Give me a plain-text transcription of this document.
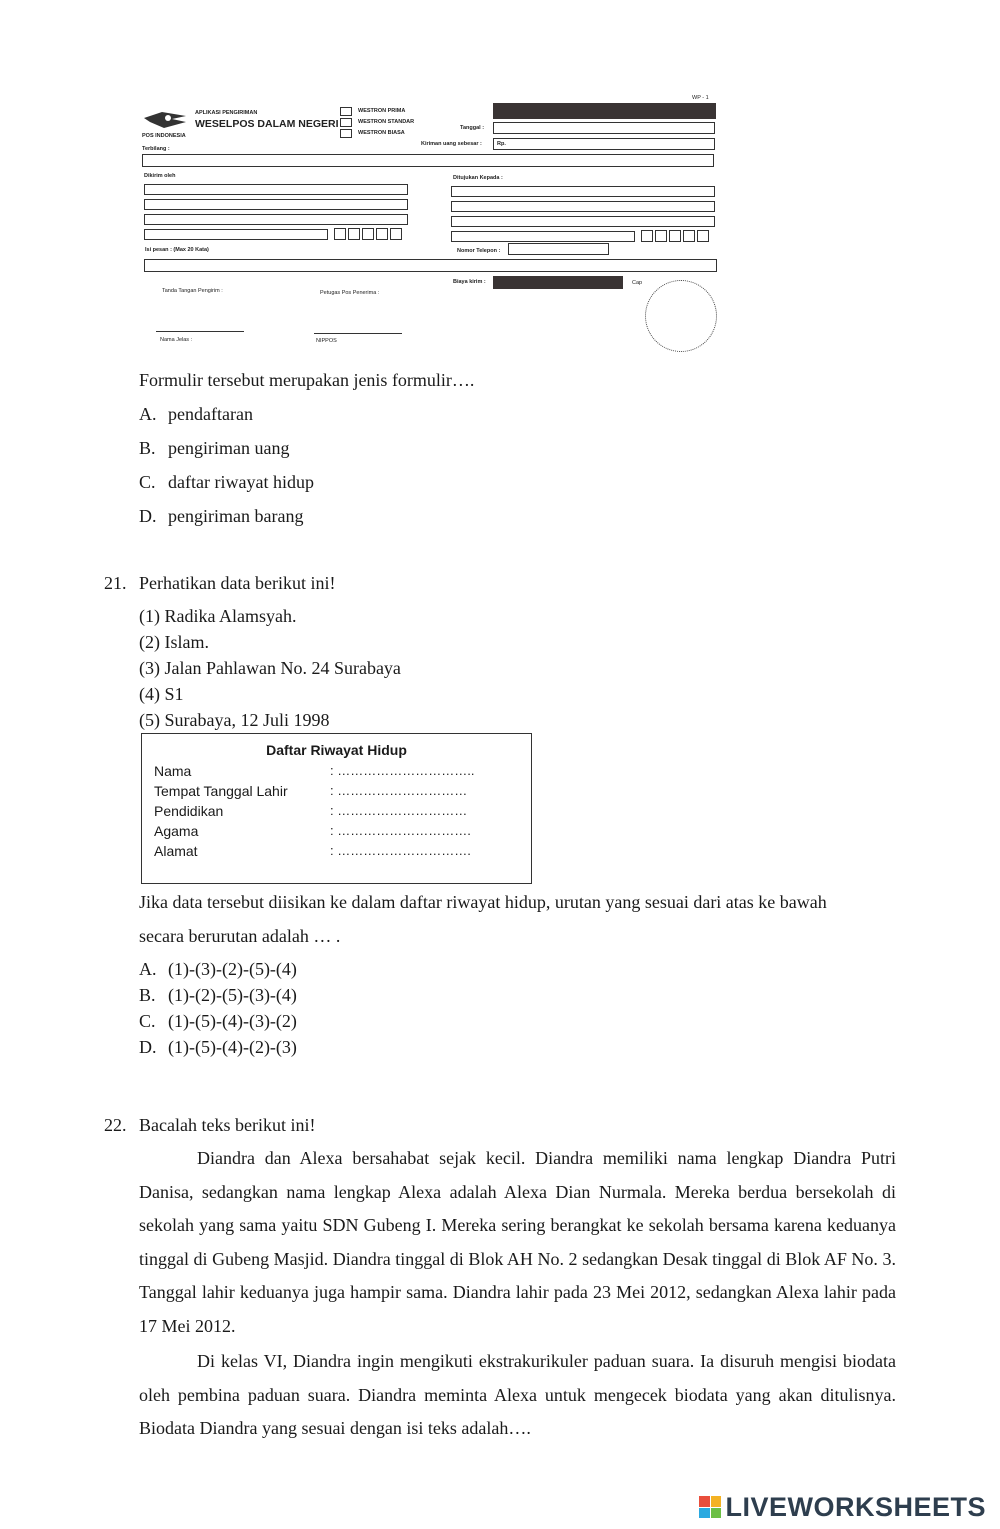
WP - 1
POS INDONESIA
APLIKASI PENGIRIMAN
WESELPOS DALAM NEGERI
WESTRON PRIMA
WESTRON STANDAR
WESTRON BIASA
Tanggal :
Kiriman uang sebesar :	Rp.
Terbilang :
Dikirim oleh	Ditujukan Kepada :
Isi pesan : (Max 20 Kata)	Nomor Telepon :
Biaya kirim :	Cap
Tanda Tangan Pengirim :	Petugas Pos Penerima :
Nama Jelas :	NIPPOS
Formulir tersebut merupakan jenis formulir….
A. pendaftaran
B. pengiriman uang
C. daftar riwayat hidup
D. pengiriman barang
21. Perhatikan data berikut ini!
(1) Radika Alamsyah.
(2) Islam.
(3) Jalan Pahlawan No. 24 Surabaya
(4) S1
(5) Surabaya, 12 Juli 1998
Daftar Riwayat Hidup
Nama	: …………………………..
Tempat Tanggal Lahir	: …………………………
Pendidikan	: …………………………
Agama	: ………………………….
Alamat	: ………………………….
Jika data tersebut diisikan ke dalam daftar riwayat hidup, urutan yang sesuai dari atas ke bawah
secara berurutan adalah … .
A. (1)-(3)-(2)-(5)-(4)
B. (1)-(2)-(5)-(3)-(4)
C. (1)-(5)-(4)-(3)-(2)
D. (1)-(5)-(4)-(2)-(3)
22. Bacalah teks berikut ini!
Diandra dan Alexa bersahabat sejak kecil. Diandra memiliki nama lengkap Diandra Putri Danisa, sedangkan nama lengkap Alexa adalah Alexa Dian Nurmala. Mereka berdua bersekolah di sekolah yang sama yaitu SDN Gubeng I. Mereka sering berangkat ke sekolah bersama karena keduanya tinggal di Gubeng Masjid. Diandra tinggal di Blok AH No. 2 sedangkan Desak tinggal di Blok AF No. 3. Tanggal lahir keduanya juga hampir sama. Diandra lahir pada 23 Mei 2012, sedangkan Alexa lahir pada 17 Mei 2012.
Di kelas VI, Diandra ingin mengikuti ekstrakurikuler paduan suara. Ia disuruh mengisi biodata oleh pembina paduan suara. Diandra meminta Alexa untuk mengecek biodata yang akan ditulisnya. Biodata Diandra yang sesuai dengan isi teks adalah….
LIVEWORKSHEETS
